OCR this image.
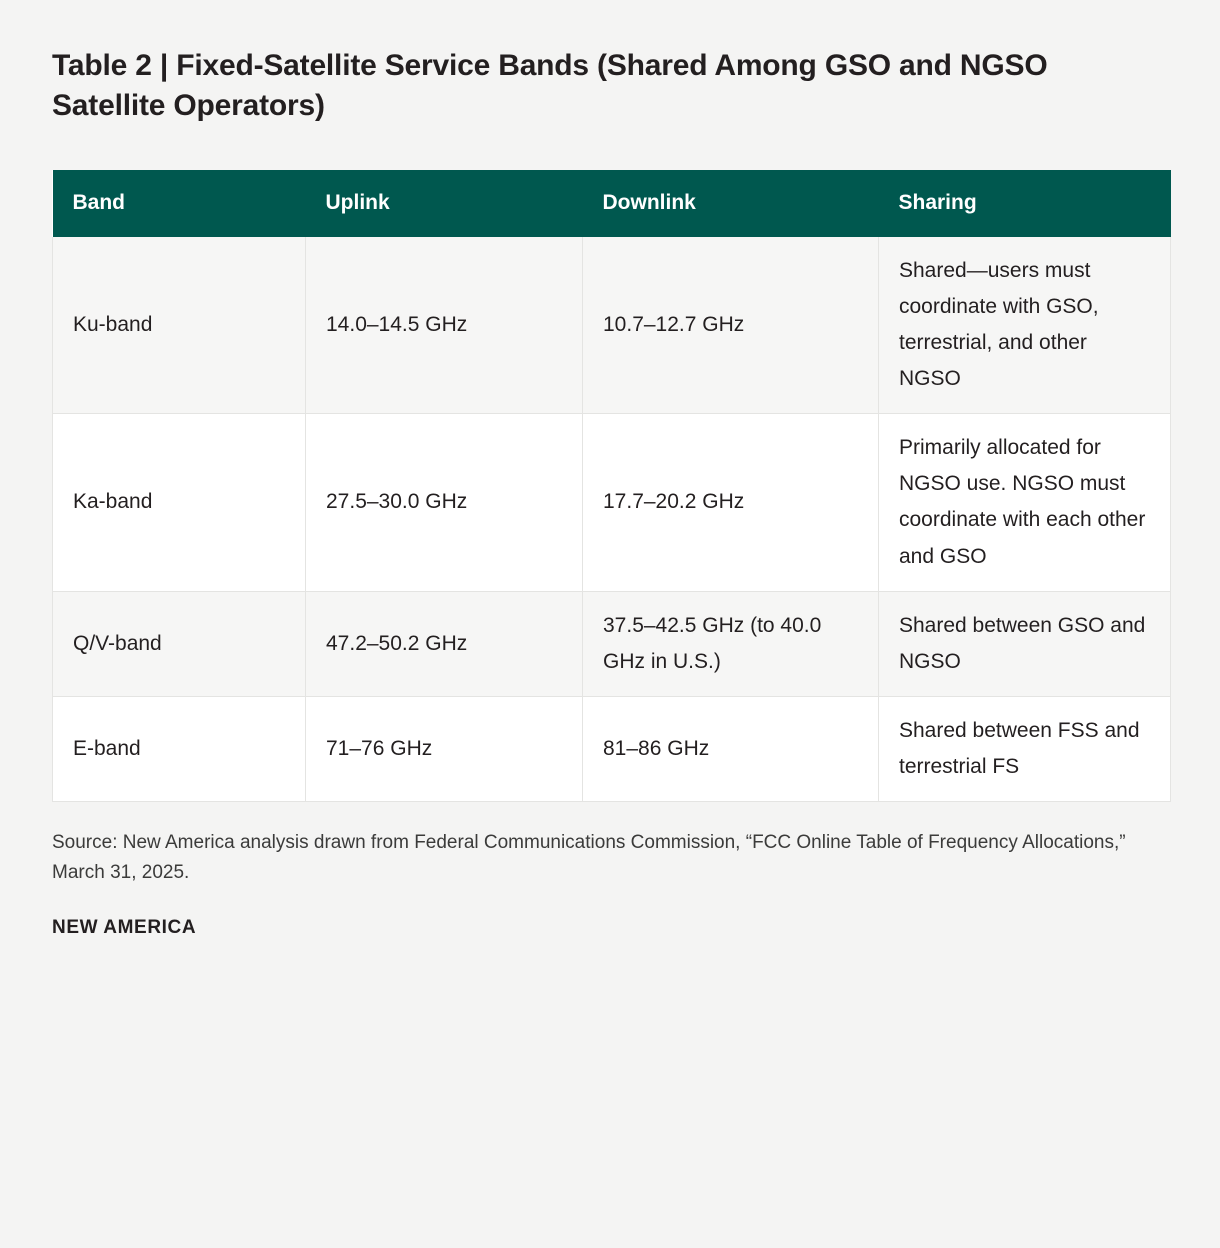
Table 2 | Fixed-Satellite Service Bands (Shared Among GSO and NGSO Satellite Operators)
Band	Uplink	Downlink	Sharing
Ku-band	14.0–14.5 GHz	10.7–12.7 GHz	Shared—users must coordinate with GSO, terrestrial, and other NGSO
Ka-band	27.5–30.0 GHz	17.7–20.2 GHz	Primarily allocated for NGSO use. NGSO must coordinate with each other and GSO
Q/V-band	47.2–50.2 GHz	37.5–42.5 GHz (to 40.0 GHz in U.S.)	Shared between GSO and NGSO
E-band	71–76 GHz	81–86 GHz	Shared between FSS and terrestrial FS

Source: New America analysis drawn from Federal Communications Commission, “FCC Online Table of Frequency Allocations,” March 31, 2025.

NEW AMERICA
